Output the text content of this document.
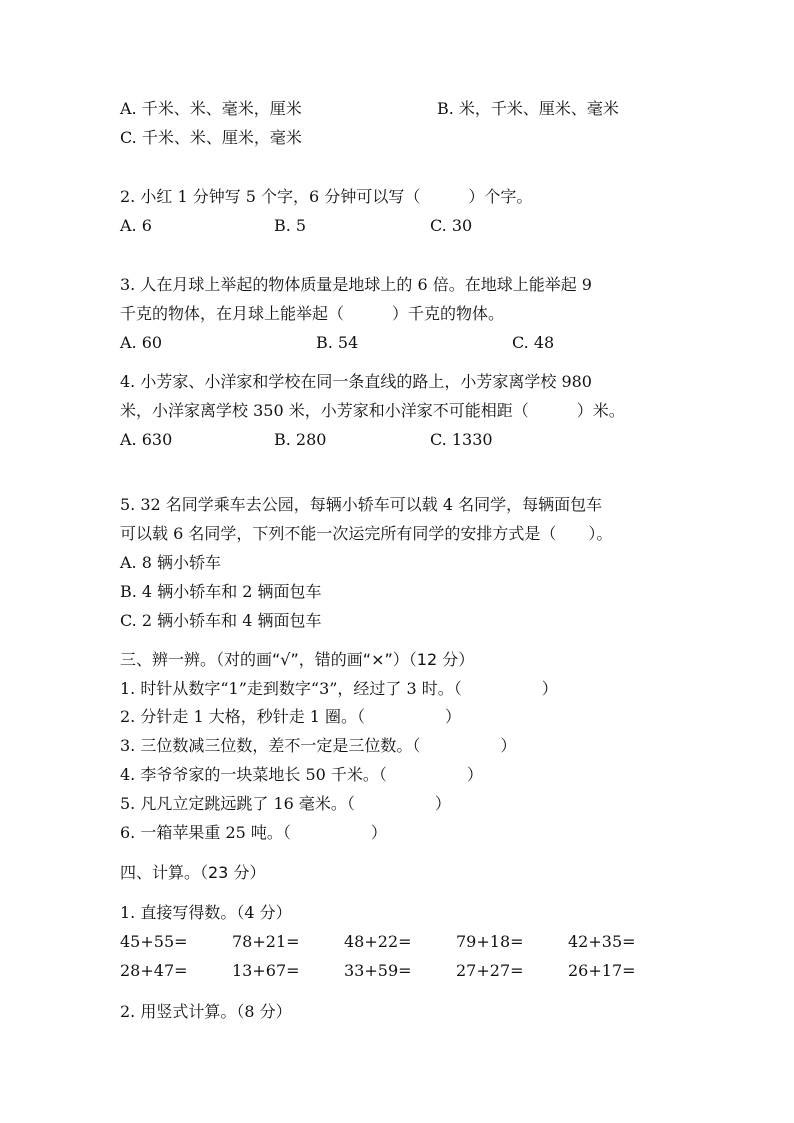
A. 千米、米、毫米，厘米	B. 米，千米、厘米、毫米
C. 千米、米、厘米，毫米
2. 小红 1 分钟写 5 个字，6 分钟可以写（　　　）个字。
A. 6	B. 5	C. 30
3. 人在月球上举起的物体质量是地球上的 6 倍。在地球上能举起 9
千克的物体，在月球上能举起（　　　）千克的物体。
A. 60	B. 54	C. 48
4. 小芳家、小洋家和学校在同一条直线的路上，小芳家离学校 980
米，小洋家离学校 350 米，小芳家和小洋家不可能相距（　　　）米。
A. 630	B. 280	C. 1330
5. 32 名同学乘车去公园，每辆小轿车可以载 4 名同学，每辆面包车
可以载 6 名同学，下列不能一次运完所有同学的安排方式是（　　）。
A. 8 辆小轿车
B. 4 辆小轿车和 2 辆面包车
C. 2 辆小轿车和 4 辆面包车
三、辨一辨。（对的画“√”，错的画“×”）（12 分）
1. 时针从数字“1”走到数字“3”，经过了 3 时。（　　　　　）
2. 分针走 1 大格，秒针走 1 圈。（　　　　　）
3. 三位数减三位数，差不一定是三位数。（　　　　　）
4. 李爷爷家的一块菜地长 50 千米。（　　　　　）
5. 凡凡立定跳远跳了 16 毫米。（　　　　　）
6. 一箱苹果重 25 吨。（　　　　　）
四、计算。（23 分）
1. 直接写得数。（4 分）
45+55=	78+21=	48+22=	79+18=	42+35=
28+47=	13+67=	33+59=	27+27=	26+17=
2. 用竖式计算。（8 分）
